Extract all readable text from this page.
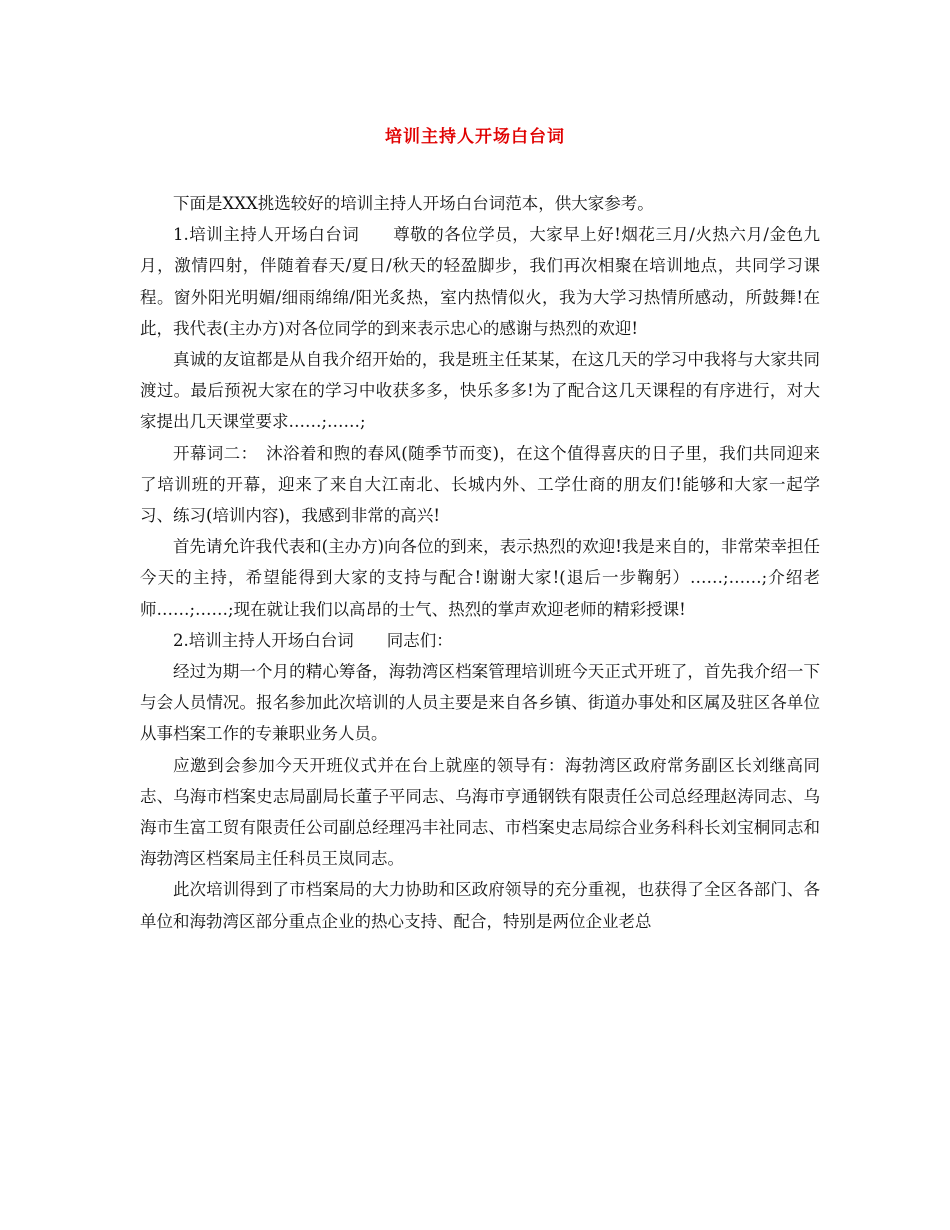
培训主持人开场白台词

下面是XXX挑选较好的培训主持人开场白台词范本，供大家参考。

1.培训主持人开场白台词　　尊敬的各位学员，大家早上好!烟花三月/火热六月/金色九月，激情四射，伴随着春天/夏日/秋天的轻盈脚步，我们再次相聚在培训地点，共同学习课程。窗外阳光明媚/细雨绵绵/阳光炙热，室内热情似火，我为大学习热情所感动，所鼓舞!在此，我代表(主办方)对各位同学的到来表示忠心的感谢与热烈的欢迎!

真诚的友谊都是从自我介绍开始的，我是班主任某某，在这几天的学习中我将与大家共同渡过。最后预祝大家在的学习中收获多多，快乐多多!为了配合这几天课程的有序进行，对大家提出几天课堂要求……;……;

开幕词二：　沐浴着和煦的春风(随季节而变)，在这个值得喜庆的日子里，我们共同迎来了培训班的开幕，迎来了来自大江南北、长城内外、工学仕商的朋友们!能够和大家一起学习、练习(培训内容)，我感到非常的高兴!

首先请允许我代表和(主办方)向各位的到来，表示热烈的欢迎!我是来自的，非常荣幸担任今天的主持，希望能得到大家的支持与配合!谢谢大家!(退后一步鞠躬）……;……;介绍老师……;……;现在就让我们以高昂的士气、热烈的掌声欢迎老师的精彩授课!

2.培训主持人开场白台词　　同志们：

经过为期一个月的精心筹备，海勃湾区档案管理培训班今天正式开班了，首先我介绍一下与会人员情况。报名参加此次培训的人员主要是来自各乡镇、街道办事处和区属及驻区各单位从事档案工作的专兼职业务人员。

应邀到会参加今天开班仪式并在台上就座的领导有：海勃湾区政府常务副区长刘继高同志、乌海市档案史志局副局长董子平同志、乌海市亨通钢铁有限责任公司总经理赵涛同志、乌海市生富工贸有限责任公司副总经理冯丰社同志、市档案史志局综合业务科科长刘宝桐同志和海勃湾区档案局主任科员王岚同志。

此次培训得到了市档案局的大力协助和区政府领导的充分重视，也获得了全区各部门、各单位和海勃湾区部分重点企业的热心支持、配合，特别是两位企业老总
